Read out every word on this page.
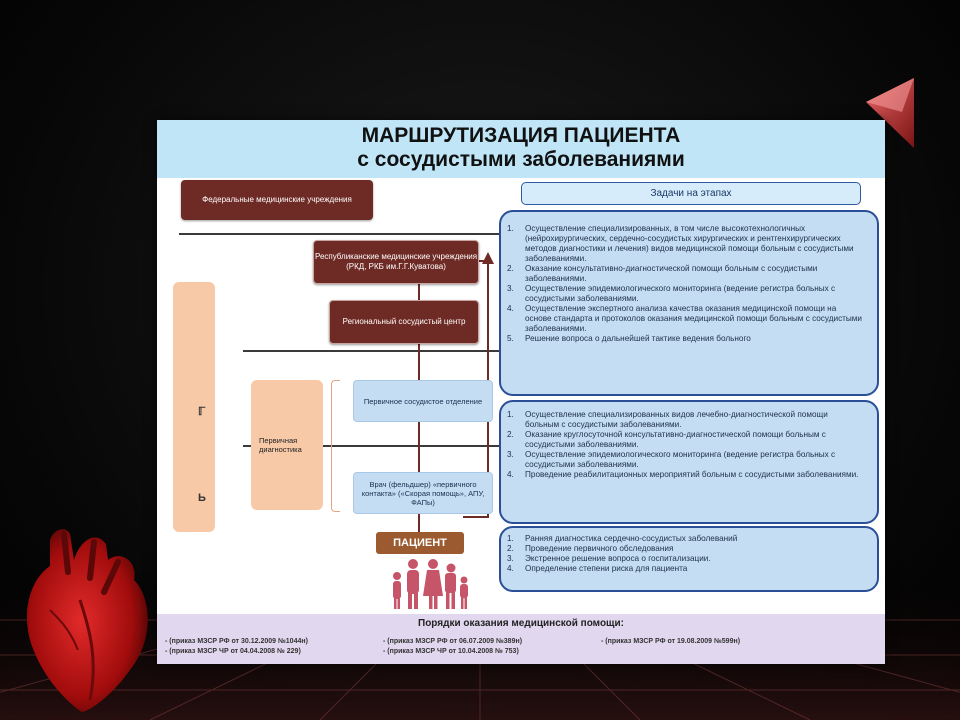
МАРШРУТИЗАЦИЯ ПАЦИЕНТА
с сосудистыми заболеваниями
ℾ
Ь
Первичная диагностика
Федеральные медицинские учреждения
Республиканские медицинские учреждения (РКД, РКБ им.Г.Г.Куватова)
Региональный сосудистый центр
Первичное сосудистое отделение
Врач (фельдшер) «первичного контакта» («Скорая помощь», АПУ, ФАПы)
ПАЦИЕНТ
Задачи на этапах
1. Осуществление специализированных, в том числе высокотехнологичных (нейрохирургических, сердечно-сосудистых хирургических и рентгенхирургических методов диагностики и лечения) видов медицинской помощи больным с сосудистыми заболеваниями.
2. Оказание консультативно-диагностической помощи больным с сосудистыми заболеваниями.
3. Осуществление эпидемиологического мониторинга (ведение регистра больных с сосудистыми заболеваниями.
4. Осуществление экспертного анализа качества оказания медицинской помощи на основе стандарта и протоколов оказания медицинской помощи больным с сосудистыми заболеваниями.
5. Решение вопроса о дальнейшей тактике ведения больного
1. Осуществление специализированных видов лечебно-диагностической помощи больным с сосудистыми заболеваниями.
2. Оказание круглосуточной консультативно-диагностической помощи больным с сосудистыми заболеваниями.
3. Осуществление эпидемиологического мониторинга (ведение регистра больных с сосудистыми заболеваниями.
4. Проведение реабилитационных мероприятий больным с сосудистыми заболеваниями.
1. Ранняя диагностика сердечно-сосудистых заболеваний
2. Проведение первичного обследования
3. Экстренное решение вопроса о госпитализации.
4. Определение степени риска для пациента
Порядки оказания медицинской помощи:
- (приказ МЗСР РФ от 30.12.2009 №1044н)
- (приказ МЗСР ЧР от 04.04.2008 № 229)
- (приказ МЗСР РФ от 06.07.2009 №389н)
- (приказ МЗСР ЧР от 10.04.2008 № 753)
- (приказ МЗСР РФ от 19.08.2009 №599н)
